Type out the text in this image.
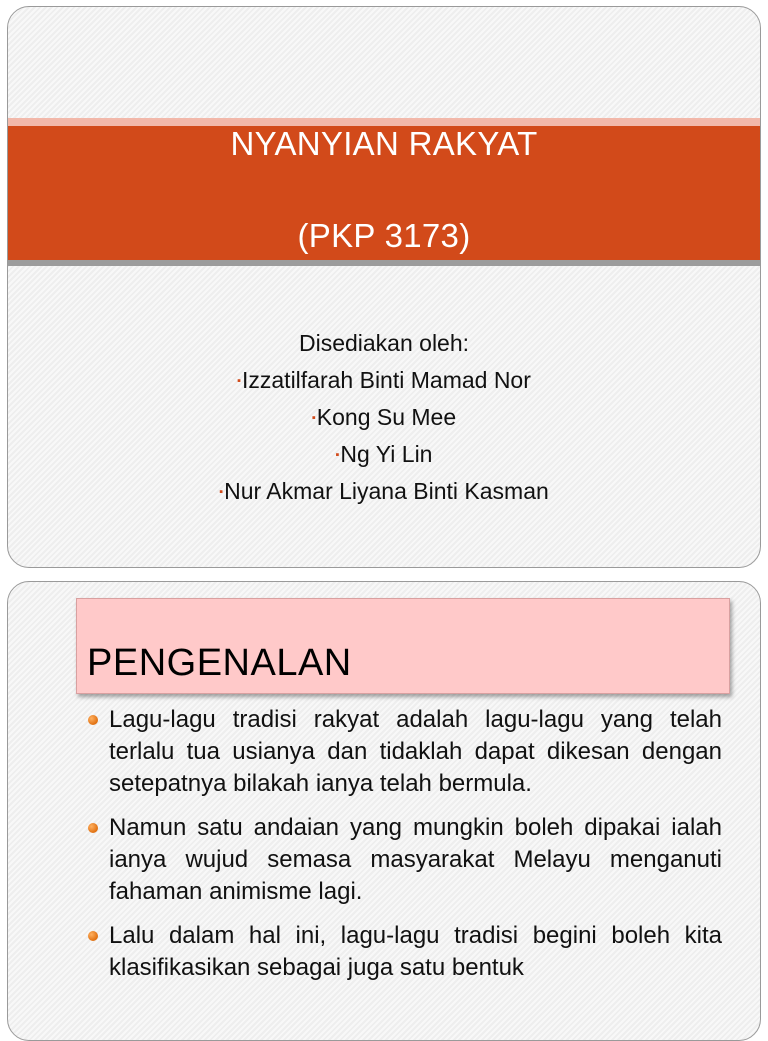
NYANYIAN RAKYAT
(PKP 3173)
Disediakan oleh:
▪Izzatilfarah Binti Mamad Nor
▪Kong Su Mee
▪Ng Yi Lin
▪Nur Akmar Liyana Binti Kasman
PENGENALAN
Lagu-lagu tradisi rakyat adalah lagu-lagu yang telah terlalu tua usianya dan tidaklah dapat dikesan dengan setepatnya bilakah ianya telah bermula.
Namun satu andaian yang mungkin boleh dipakai ialah ianya wujud semasa masyarakat Melayu menganuti fahaman animisme lagi.
Lalu dalam hal ini, lagu-lagu tradisi begini boleh kita klasifikasikan sebagai juga satu bentuk
